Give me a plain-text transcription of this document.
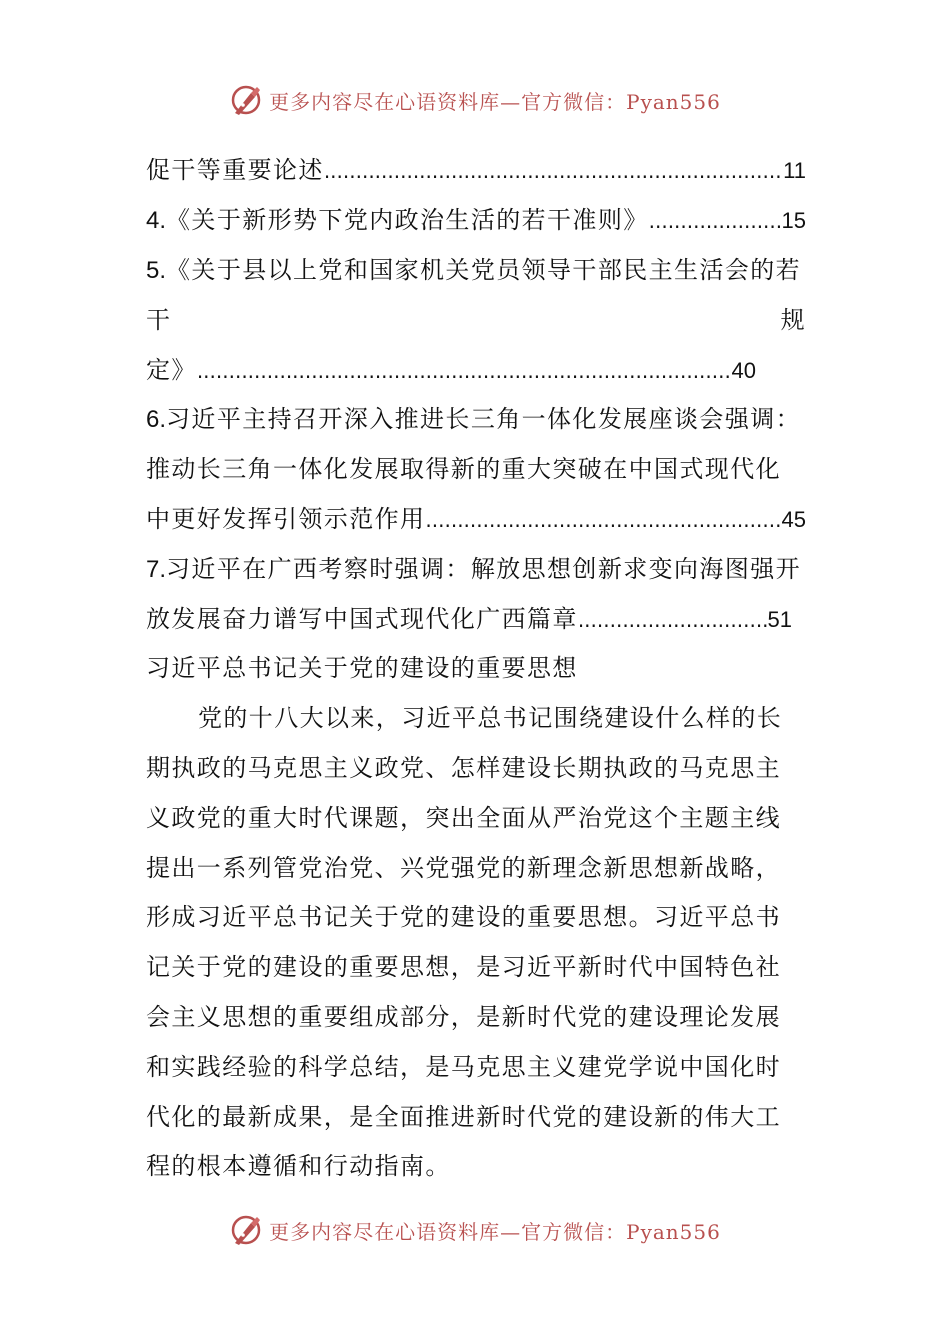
更多内容尽在心语资料库—官方微信：Pyan556
促干等重要论述 .....	11
4. 《关于新形势下党内政治生活的若干准则》 .....	15
5.《关于县以上党和国家机关党员领导干部民主生活会的若
干	规
定》 .....	40
6.习近平主持召开深入推进长三角一体化发展座谈会强调：
推动长三角一体化发展取得新的重大突破在中国式现代化
中更好发挥引领示范作用 .....	45
7.习近平在广西考察时强调：解放思想创新求变向海图强开
放发展奋力谱写中国式现代化广西篇章 .....	51
习近平总书记关于党的建设的重要思想
党的十八大以来，习近平总书记围绕建设什么样的长
期执政的马克思主义政党、怎样建设长期执政的马克思主
义政党的重大时代课题，突出全面从严治党这个主题主线
提出一系列管党治党、兴党强党的新理念新思想新战略，
形成习近平总书记关于党的建设的重要思想。习近平总书
记关于党的建设的重要思想，是习近平新时代中国特色社
会主义思想的重要组成部分，是新时代党的建设理论发展
和实践经验的科学总结，是马克思主义建党学说中国化时
代化的最新成果，是全面推进新时代党的建设新的伟大工
程的根本遵循和行动指南。
更多内容尽在心语资料库—官方微信：Pyan556
